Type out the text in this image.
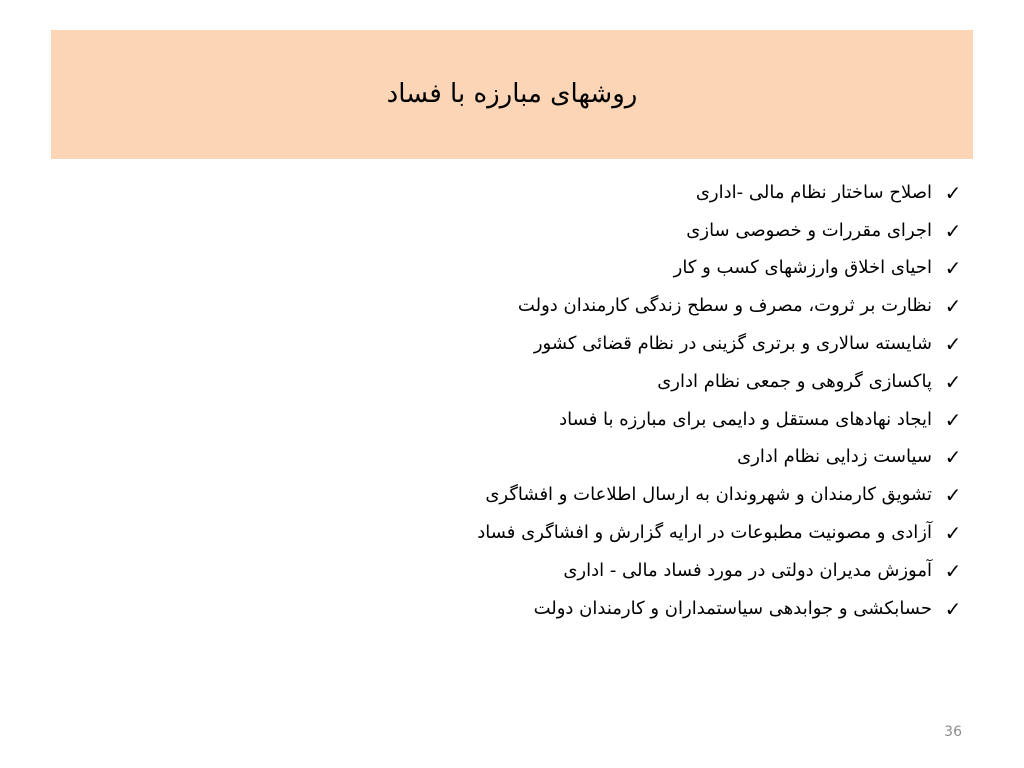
روشهای مبارزه با فساد
✓
اصلاح ساختار نظام مالی -اداری
✓
اجرای مقررات و خصوصی سازی
✓
احیای اخلاق وارزشهای کسب و کار
✓
نظارت بر ثروت، مصرف و سطح زندگی کارمندان دولت
✓
شایسته سالاری و برتری گزینی در نظام قضائی کشور
✓
پاکسازی گروهی و جمعی نظام اداری
✓
ایجاد نهادهای مستقل و دایمی برای مبارزه با فساد
✓
سیاست زدایی نظام اداری
✓
تشویق کارمندان و شهروندان به ارسال اطلاعات و افشاگری
✓
آزادی و مصونیت مطبوعات در ارایه گزارش و افشاگری فساد
✓
آموزش مدیران دولتی در مورد فساد مالی - اداری
✓
حسابکشی و جوابدهی سیاستمداران و کارمندان دولت
36
